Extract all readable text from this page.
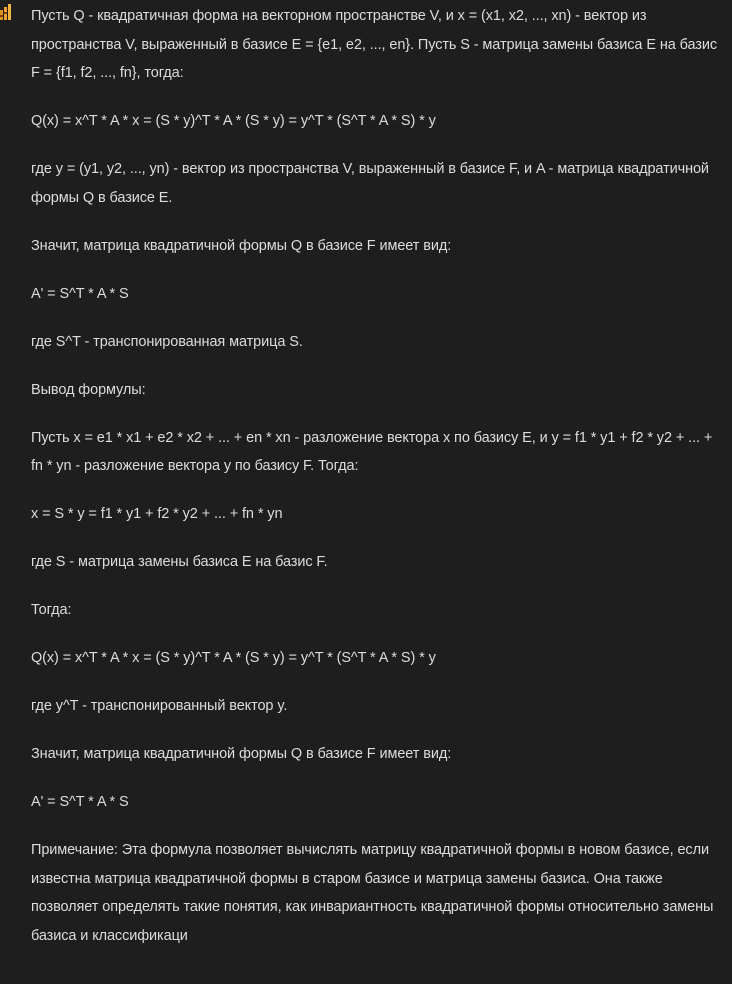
Пусть Q - квадратичная форма на векторном пространстве V, и x = (x1, x2, ..., xn) - вектор из пространства V, выраженный в базисе E = {e1, e2, ..., en}. Пусть S - матрица замены базиса E на базис F = {f1, f2, ..., fn}, тогда:

Q(x) = x^T * A * x = (S * y)^T * A * (S * y) = y^T * (S^T * A * S) * y

где y = (y1, y2, ..., yn) - вектор из пространства V, выраженный в базисе F, и A - матрица квадратичной формы Q в базисе E.

Значит, матрица квадратичной формы Q в базисе F имеет вид:

A' = S^T * A * S

где S^T - транспонированная матрица S.

Вывод формулы:

Пусть x = e1 * x1 + e2 * x2 + ... + en * xn - разложение вектора x по базису E, и y = f1 * y1 + f2 * y2 + ... + fn * yn - разложение вектора y по базису F. Тогда:

x = S * y = f1 * y1 + f2 * y2 + ... + fn * yn

где S - матрица замены базиса E на базис F.

Тогда:

Q(x) = x^T * A * x = (S * y)^T * A * (S * y) = y^T * (S^T * A * S) * y

где y^T - транспонированный вектор y.

Значит, матрица квадратичной формы Q в базисе F имеет вид:

A' = S^T * A * S

Примечание: Эта формула позволяет вычислять матрицу квадратичной формы в новом базисе, если известна матрица квадратичной формы в старом базисе и матрица замены базиса. Она также позволяет определять такие понятия, как инвариантность квадратичной формы относительно замены базиса и классификаци
